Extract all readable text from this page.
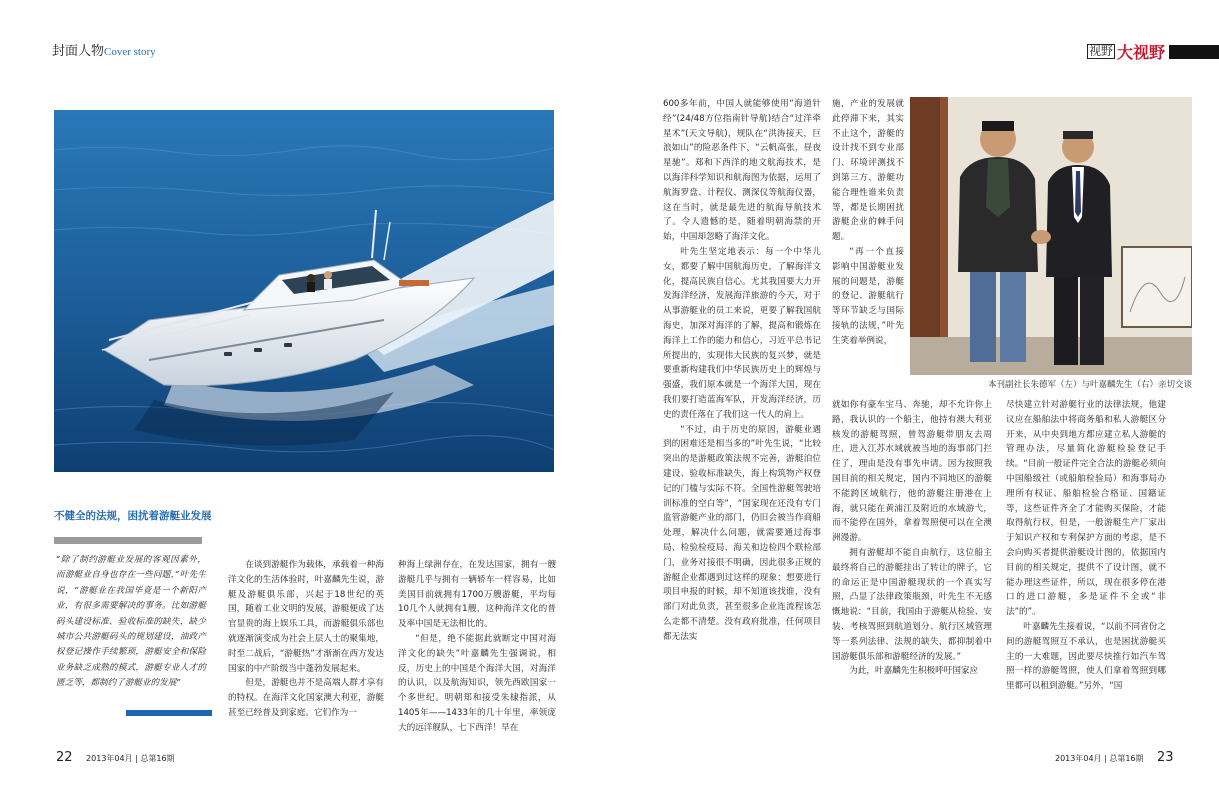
封面人物Cover story	视野 大视野
本刊副社长朱德军（左）与叶嘉麟先生（右）亲切交谈
不健全的法规，困扰着游艇业发展
“除了制约游艇业发展的客观因素外，而游艇业自身也存在一些问题，”叶先生说，“游艇业在我国毕竟是一个新阳产业，有很多需要解决的事务。比如游艇码头建设标准、验收标准的缺失，缺少城市公共游艇码头的规划建设，油政产权登记操作手续繁琐，游艇安全和保险业务缺乏成熟的模式，游艇专业人才的匮乏等，都制约了游艇业的发展”

在谈到游艇作为载体，承载着一种海洋文化的生活体验时，叶嘉麟先生说，游艇及游艇俱乐部，兴起于18世纪的英国，随着工业文明的发展，游艇便成了达官显贵的海上娱乐工具，而游艇俱乐部也就逐渐演变成为社会上层人士的聚集地，时至二战后，“游艇热”才渐渐在西方发达国家的中产阶级当中蓬勃发展起来。

但是，游艇也并不是高端人群才享有的特权。在海洋文化国家澳大利亚，游艇甚至已经普及到家庭。它们作为一

种海上绿洲存在，在发达国家，拥有一艘游艇几乎与拥有一辆轿车一样容易，比如美国目前就拥有1700万艘游艇，平均每10几个人就拥有1艘，这种海洋文化的普及率中国是无法相比的。

“但是，绝不能据此就断定中国对海洋文化的缺失”叶嘉麟先生强调说，相反，历史上的中国是个海洋大国，对海洋的认识，以及航海知识，领先西欧国家一个多世纪。明朝郑和接受朱棣指派，从1405年——1433年的几十年里，率领庞大的远洋舰队，七下西洋！早在

600多年前，中国人就能够使用“海道针经”(24/48方位指南针导航)结合“过洋牵星术”(天文导航)，规队在“洪涛接天，巨浪如山”的险恶条件下，“云帆高张，昼夜星驰”。郑和下西洋的地文航海技术，是以海洋科学知识和航海图为依据，运用了航海罗盘、计程仪、测深仪等航海仪器，这在当时，就是最先进的航海导航技术了。令人遗憾的是，随着明朝海禁的开始，中国却忽略了海洋文化。

叶先生坚定地表示：每一个中华儿女，都要了解中国航海历史，了解海洋文化，提高民族自信心。尤其我国要大力开发海洋经济，发展海洋旅游的今天，对于从事游艇业的员工来说，更要了解我国航海史，加深对海洋的了解，提高和锻炼在海洋上工作的能力和信心，习近平总书记所提出的，实现伟大民族的复兴梦，就是要重新构建我们中华民族历史上的辉煌与强盛，我们原本就是一个海洋大国，现在我们要打造蓝海军队，开发海洋经济，历史的责任落在了我们这一代人的肩上。

“不过，由于历史的原因，游艇业遇到的困难还是相当多的”叶先生说，“比较突出的是游艇政策法规不完善，游艇泊位建设、验收标准缺失，海上构筑物产权登记的门槛与实际不符。全国性游艇驾驶培训标准的空白等”，“国家现在还没有专门监管游艇产业的部门，仍旧会被当作商船处理，解决什么问题，就需要通过海事局、检验检疫局、海关和边检四个联检部门，业务对接很不明确，因此很多正规的游艇企业都遇到过这样的现象：想要进行项目申报的时候，却不知道该找谁，没有部门对此负责，甚至很多企业连流程该怎么走都不清楚。没有政府批准，任何项目都无法实

施，产业的发展就此停滞下来，其实不止这个，游艇的设计找不到专业部门、环境评测找不到第三方、游艇功能合理性谁来负责等，都是长期困扰游艇企业的棘手问题。

“再一个直接影响中国游艇业发展的问题是，游艇的登记、游艇航行等环节缺乏与国际接轨的法规，”叶先生笑着举例说，

就如你有豪车宝马、奔驰，却不允许你上路，我认识的一个船主，他持有澳大利亚核发的游艇驾照，曾驾游艇带朋友去周庄，进入江苏水域就被当地的海事部门拦住了，理由是没有事先申请。因为按照我国目前的相关规定，国内不同地区的游艇不能跨区域航行，他的游艇注册港在上海，就只能在黄浦江及附近的水域游弋，而不能停在国外，拿着驾照便可以在全澳洲漫游。

拥有游艇却不能自由航行，这位船主最终将自己的游艇挂出了转让的牌子，它的命运正是中国游艇现状的一个真实写照，凸显了法律政策瓶颈，叶先生不无感慨地说：“目前，我国由于游艇从检验、安装、考核驾照到航道划分、航行区域管理等一系列法律、法规的缺失，都抑制着中国游艇俱乐部和游艇经济的发展。”

为此，叶嘉麟先生积极呼吁国家应

尽快建立针对游艇行业的法律法规，他建议应在船舶法中将商务船和私人游艇区分开来，从中央到地方都应建立私人游艇的管理办法，尽量简化游艇检验登记手续。“目前一般证件完全合法的游艇必须向中国船级社（或船舶检验局）和海事局办理所有权证、船舶检验合格证、国籍证等，这些证件齐全了才能购买保险，才能取得航行权，但是，一般游艇生产厂家出于知识产权和专利保护方面的考虑，是不会向购买者提供游艇设计图的，依据国内目前的相关规定，提供不了设计图，就不能办理这些证件，所以，现在很多停在港口的进口游艇，多是证件不全或“非法”的”。

叶嘉麟先生接着说，“以前不同省份之间的游艇驾照互不承认，也是困扰游艇买主的一大难题，因此要尽快推行如汽车驾照一样的游艇驾照，使人们拿着驾照到哪里都可以租到游艇。”另外，“国

22 2013年04月 | 总第16期	2013年04月 | 总第16期 23
